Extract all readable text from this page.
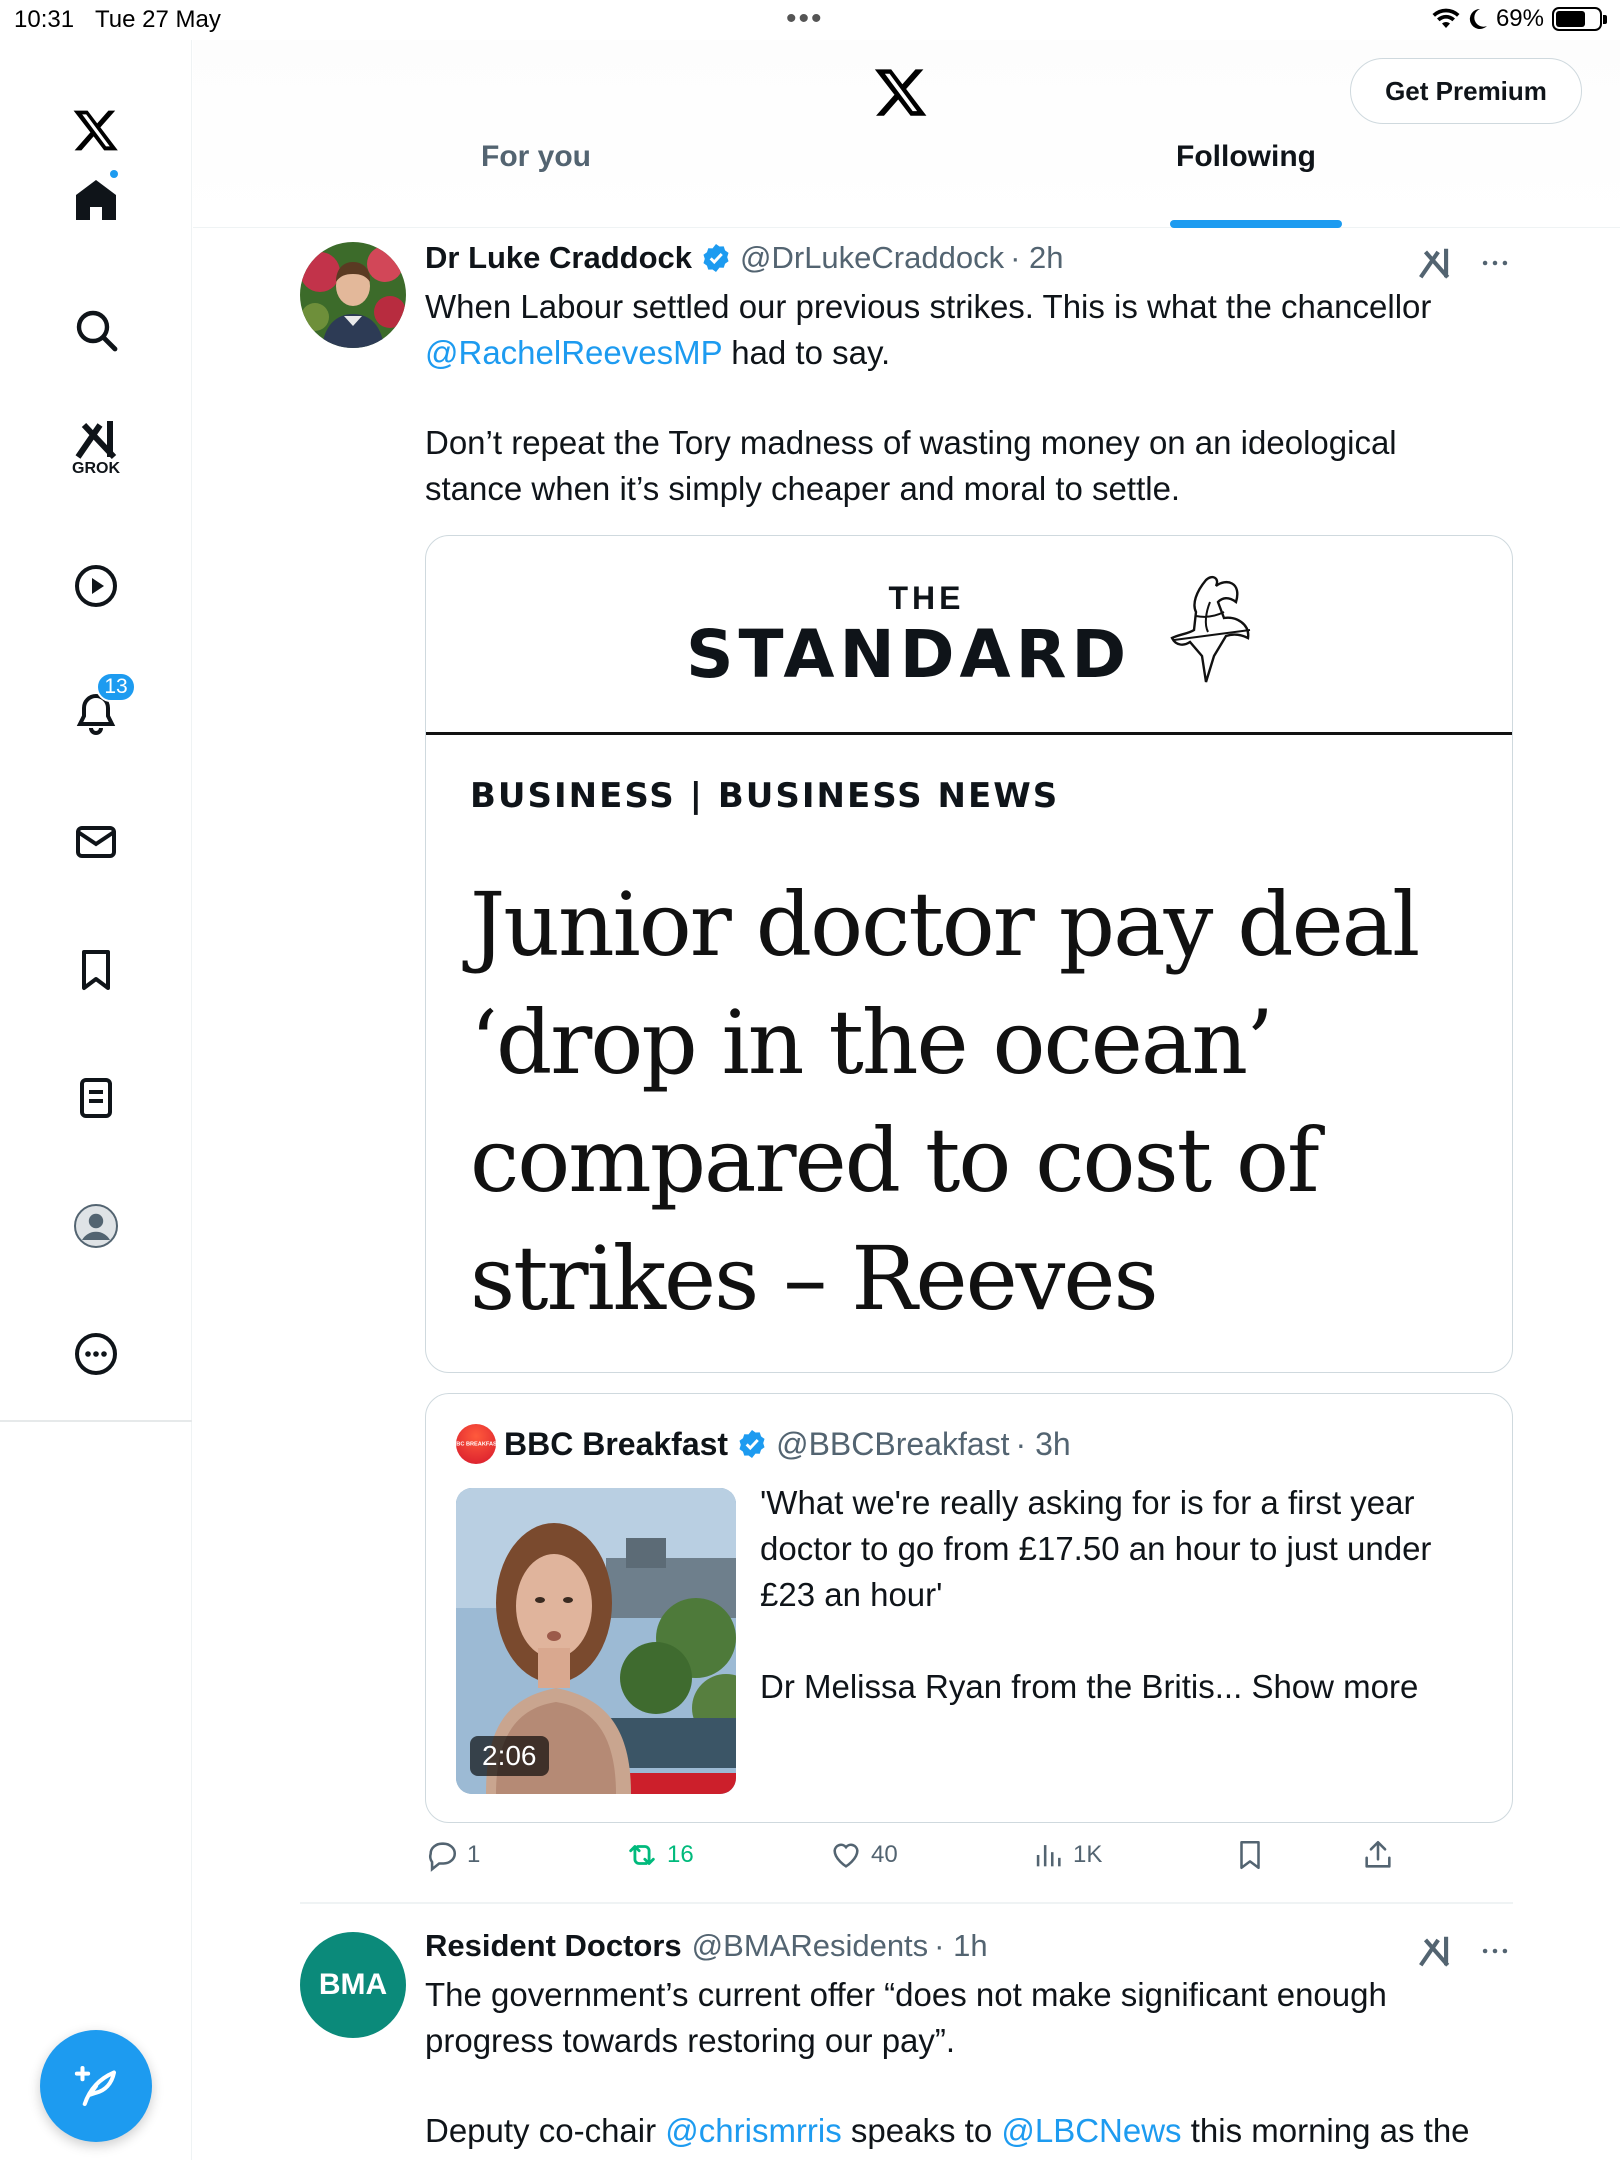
10:31 Tue 27 May	•••	69%
GROK
13
Get Premium
For you	Following
Dr Luke Craddock @DrLukeCraddock · 2h
When Labour settled our previous strikes. This is what the chancellor
@RachelReevesMP had to say.
Don’t repeat the Tory madness of wasting money on an ideological stance when it’s simply cheaper and moral to settle.
THE
STANDARD
BUSINESS | BUSINESS NEWS
Junior doctor pay deal ‘drop in the ocean’ compared to cost of strikes – Reeves
BBC BREAKFAST BBC Breakfast @BBCBreakfast · 3h
2:06
'What we're really asking for is for a first year doctor to go from £17.50 an hour to just under £23 an hour'
Dr Melissa Ryan from the Britis... Show more
1	16	40	1K
BMA
Resident Doctors @BMAResidents · 1h
The government’s current offer “does not make significant enough progress towards restoring our pay”.
Deputy co-chair @chrismrris speaks to @LBCNews this morning as the
